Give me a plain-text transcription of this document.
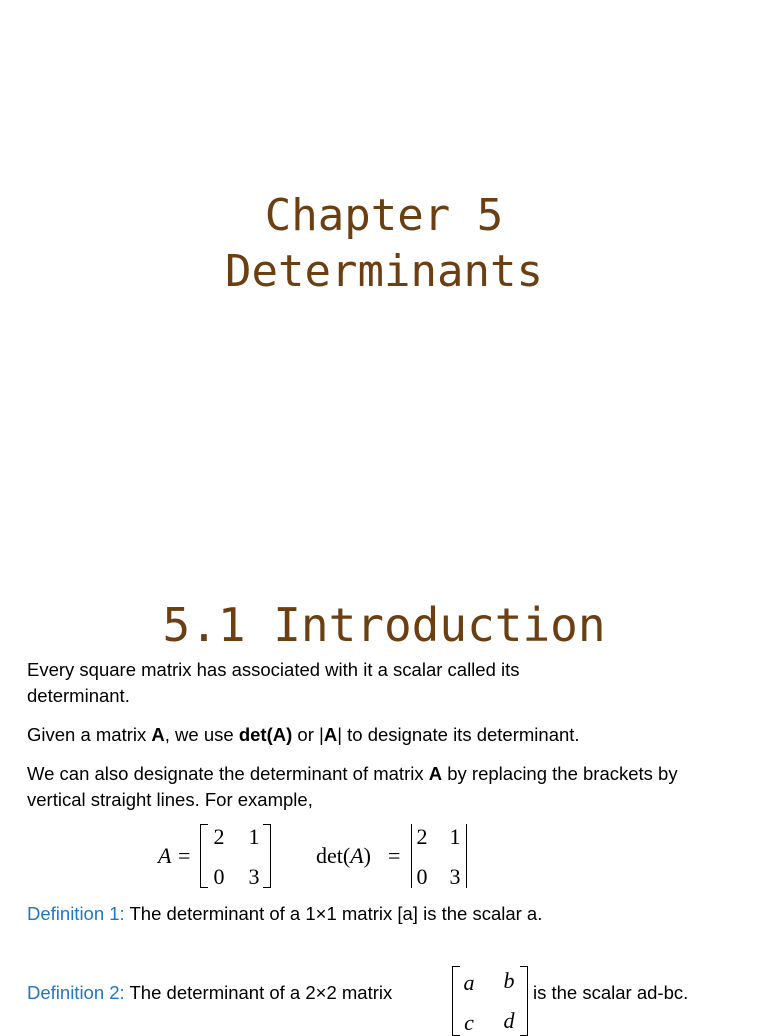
Chapter 5
Determinants
5.1 Introduction

Every square matrix has associated with it a scalar called its determinant.

Given a matrix A, we use det(A) or |A| to designate its determinant.

We can also designate the determinant of matrix A by replacing the brackets by vertical straight lines. For example,

A =
2 1
0 3
det(A) =
2 1
0 3

Definition 1: The determinant of a 1×1 matrix [a] is the scalar a.

Definition 2: The determinant of a 2×2 matrix	a b
c d

is the scalar ad-bc.
